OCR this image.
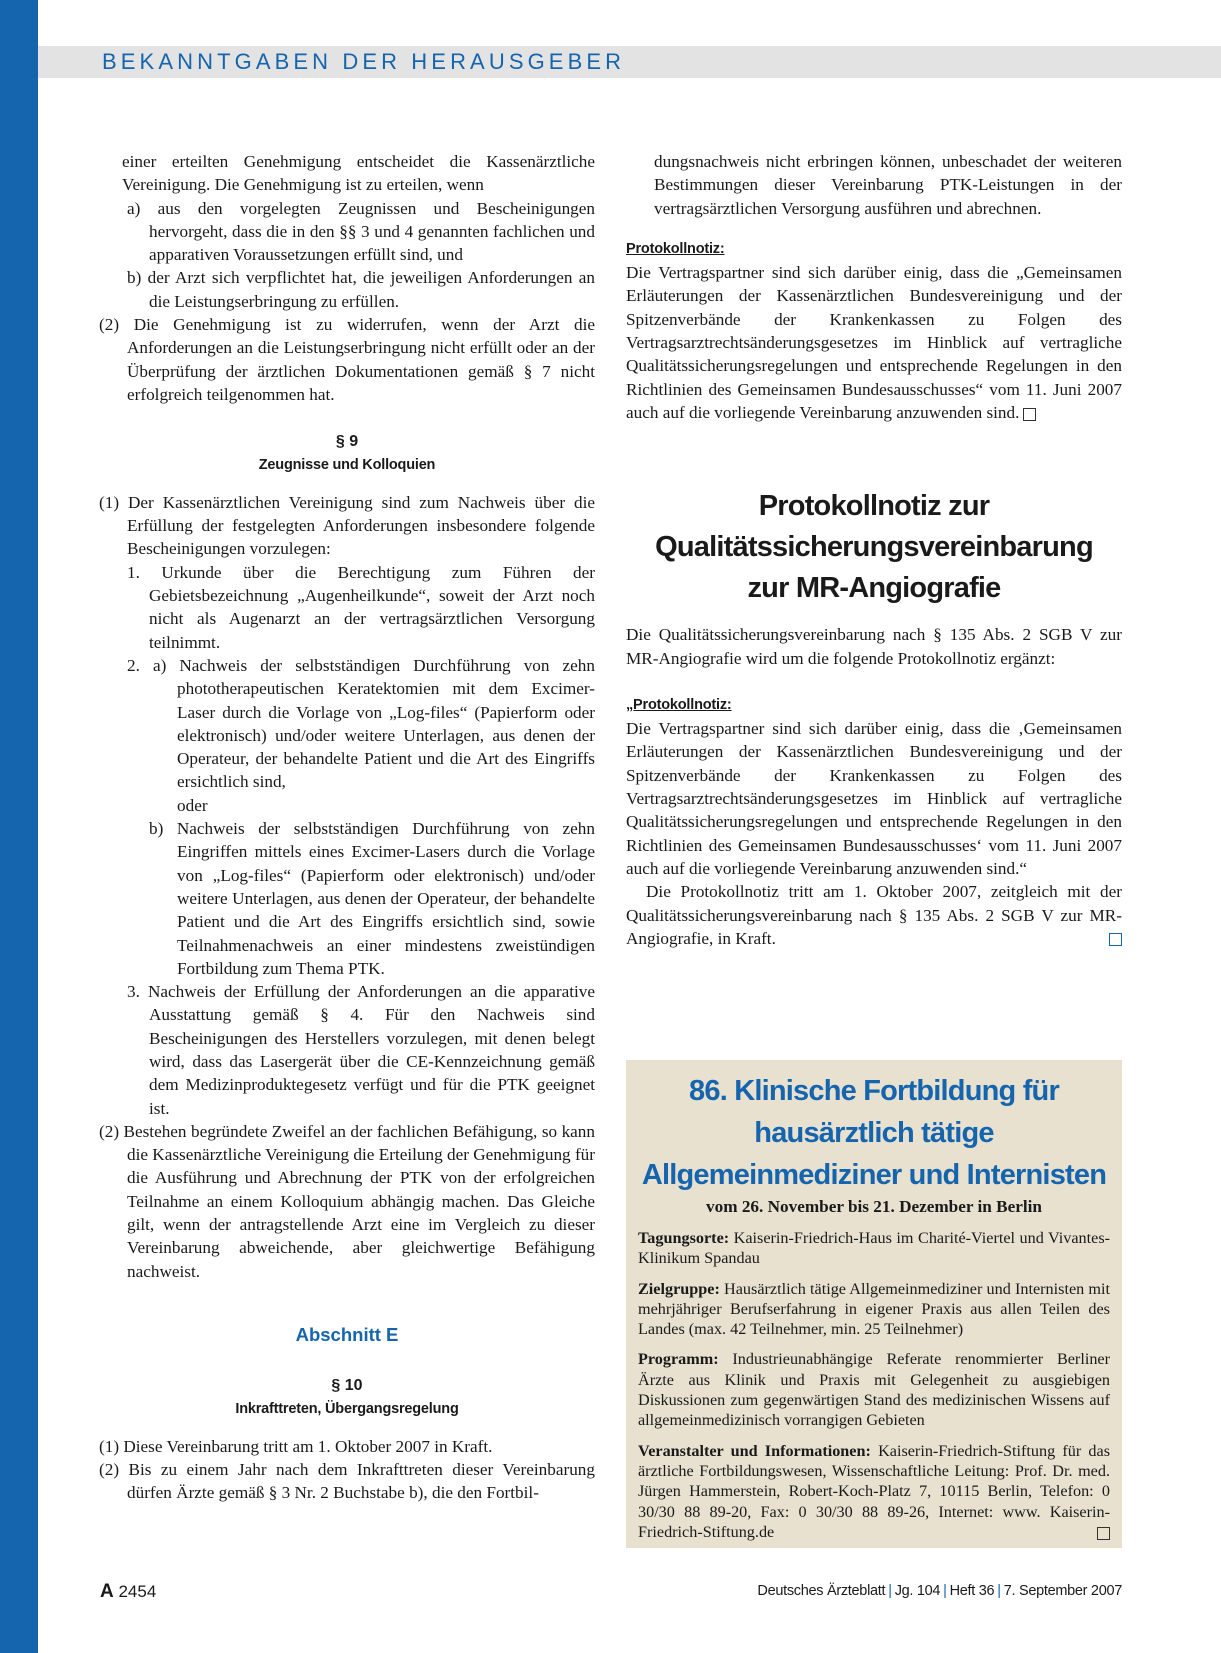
BEKANNTGABEN DER HERAUSGEBER

einer erteilten Genehmigung entscheidet die Kassenärztliche Vereinigung. Die Genehmigung ist zu erteilen, wenn

a) aus den vorgelegten Zeugnissen und Bescheinigungen hervorgeht, dass die in den §§ 3 und 4 genannten fachlichen und apparativen Voraussetzungen erfüllt sind, und

b) der Arzt sich verpflichtet hat, die jeweiligen Anforderungen an die Leistungserbringung zu erfüllen.

(2) Die Genehmigung ist zu widerrufen, wenn der Arzt die Anforderungen an die Leistungserbringung nicht erfüllt oder an der Überprüfung der ärztlichen Dokumentationen gemäß § 7 nicht erfolgreich teilgenommen hat.

§ 9
Zeugnisse und Kolloquien

(1) Der Kassenärztlichen Vereinigung sind zum Nachweis über die Erfüllung der festgelegten Anforderungen insbesondere folgende Bescheinigungen vorzulegen:

1. Urkunde über die Berechtigung zum Führen der Gebietsbezeichnung „Augenheilkunde“, soweit der Arzt noch nicht als Augenarzt an der vertragsärztlichen Versorgung teilnimmt.

2. a) Nachweis der selbstständigen Durchführung von zehn phototherapeutischen Keratektomien mit dem Excimer-Laser durch die Vorlage von „Log-files“ (Papierform oder elektronisch) und/oder weitere Unterlagen, aus denen der Operateur, der behandelte Patient und die Art des Eingriffs ersichtlich sind,

oder

b) Nachweis der selbstständigen Durchführung von zehn Eingriffen mittels eines Excimer-Lasers durch die Vorlage von „Log-files“ (Papierform oder elektronisch) und/oder weitere Unterlagen, aus denen der Operateur, der behandelte Patient und die Art des Eingriffs ersichtlich sind, sowie Teilnahmenachweis an einer mindestens zweistündigen Fortbildung zum Thema PTK.

3. Nachweis der Erfüllung der Anforderungen an die apparative Ausstattung gemäß § 4. Für den Nachweis sind Bescheinigungen des Herstellers vorzulegen, mit denen belegt wird, dass das Lasergerät über die CE-Kennzeichnung gemäß dem Medizinproduktegesetz verfügt und für die PTK geeignet ist.

(2) Bestehen begründete Zweifel an der fachlichen Befähigung, so kann die Kassenärztliche Vereinigung die Erteilung der Genehmigung für die Ausführung und Abrechnung der PTK von der erfolgreichen Teilnahme an einem Kolloquium abhängig machen. Das Gleiche gilt, wenn der antragstellende Arzt eine im Vergleich zu dieser Vereinbarung abweichende, aber gleichwertige Befähigung nachweist.

Abschnitt E
§ 10
Inkrafttreten, Übergangsregelung

(1) Diese Vereinbarung tritt am 1. Oktober 2007 in Kraft.

(2) Bis zu einem Jahr nach dem Inkrafttreten dieser Vereinbarung dürfen Ärzte gemäß § 3 Nr. 2 Buchstabe b), die den Fortbil-

dungsnachweis nicht erbringen können, unbeschadet der weiteren Bestimmungen dieser Vereinbarung PTK-Leistungen in der vertragsärztlichen Versorgung ausführen und abrechnen.

Protokollnotiz:

Die Vertragspartner sind sich darüber einig, dass die „Gemeinsamen Erläuterungen der Kassenärztlichen Bundesvereinigung und der Spitzenverbände der Krankenkassen zu Folgen des Vertragsarztrechtsänderungsgesetzes im Hinblick auf vertragliche Qualitätssicherungsregelungen und entsprechende Regelungen in den Richtlinien des Gemeinsamen Bundesausschusses“ vom 11. Juni 2007 auch auf die vorliegende Vereinbarung anzuwenden sind.

Protokollnotiz zur

Qualitätssicherungsvereinbarung

zur MR-Angiografie

Die Qualitätssicherungsvereinbarung nach § 135 Abs. 2 SGB V zur MR-Angiografie wird um die folgende Protokollnotiz ergänzt:

„Protokollnotiz:

Die Vertragspartner sind sich darüber einig, dass die ‚Gemeinsamen Erläuterungen der Kassenärztlichen Bundesvereinigung und der Spitzenverbände der Krankenkassen zu Folgen des Vertragsarztrechtsänderungsgesetzes im Hinblick auf vertragliche Qualitätssicherungsregelungen und entsprechende Regelungen in den Richtlinien des Gemeinsamen Bundesausschusses‘ vom 11. Juni 2007 auch auf die vorliegende Vereinbarung anzuwenden sind.“

Die Protokollnotiz tritt am 1. Oktober 2007, zeitgleich mit der Qualitätssicherungsvereinbarung nach § 135 Abs. 2 SGB V zur MR-Angiografie, in Kraft.

86. Klinische Fortbildung für

hausärztlich tätige

Allgemeinmediziner und Internisten

vom 26. November bis 21. Dezember in Berlin

Tagungsorte: Kaiserin-Friedrich-Haus im Charité-Viertel und Vivantes-Klinikum Spandau

Zielgruppe: Hausärztlich tätige Allgemeinmediziner und Internisten mit mehrjähriger Berufserfahrung in eigener Praxis aus allen Teilen des Landes (max. 42 Teilnehmer, min. 25 Teilnehmer)

Programm: Industrieunabhängige Referate renommierter Berliner Ärzte aus Klinik und Praxis mit Gelegenheit zu ausgiebigen Diskussionen zum gegenwärtigen Stand des medizinischen Wissens auf allgemeinmedizinisch vorrangigen Gebieten

Veranstalter und Informationen: Kaiserin-Friedrich-Stiftung für das ärztliche Fortbildungswesen, Wissenschaftliche Leitung: Prof. Dr. med. Jürgen Hammerstein, Robert-Koch-Platz 7, 10115 Berlin, Telefon: 0 30/30 88 89-20, Fax: 0 30/30 88 89-26, Internet: www. Kaiserin-Friedrich-Stiftung.de

A 2454	Deutsches Ärzteblatt | Jg. 104 | Heft 36 | 7. September 2007
